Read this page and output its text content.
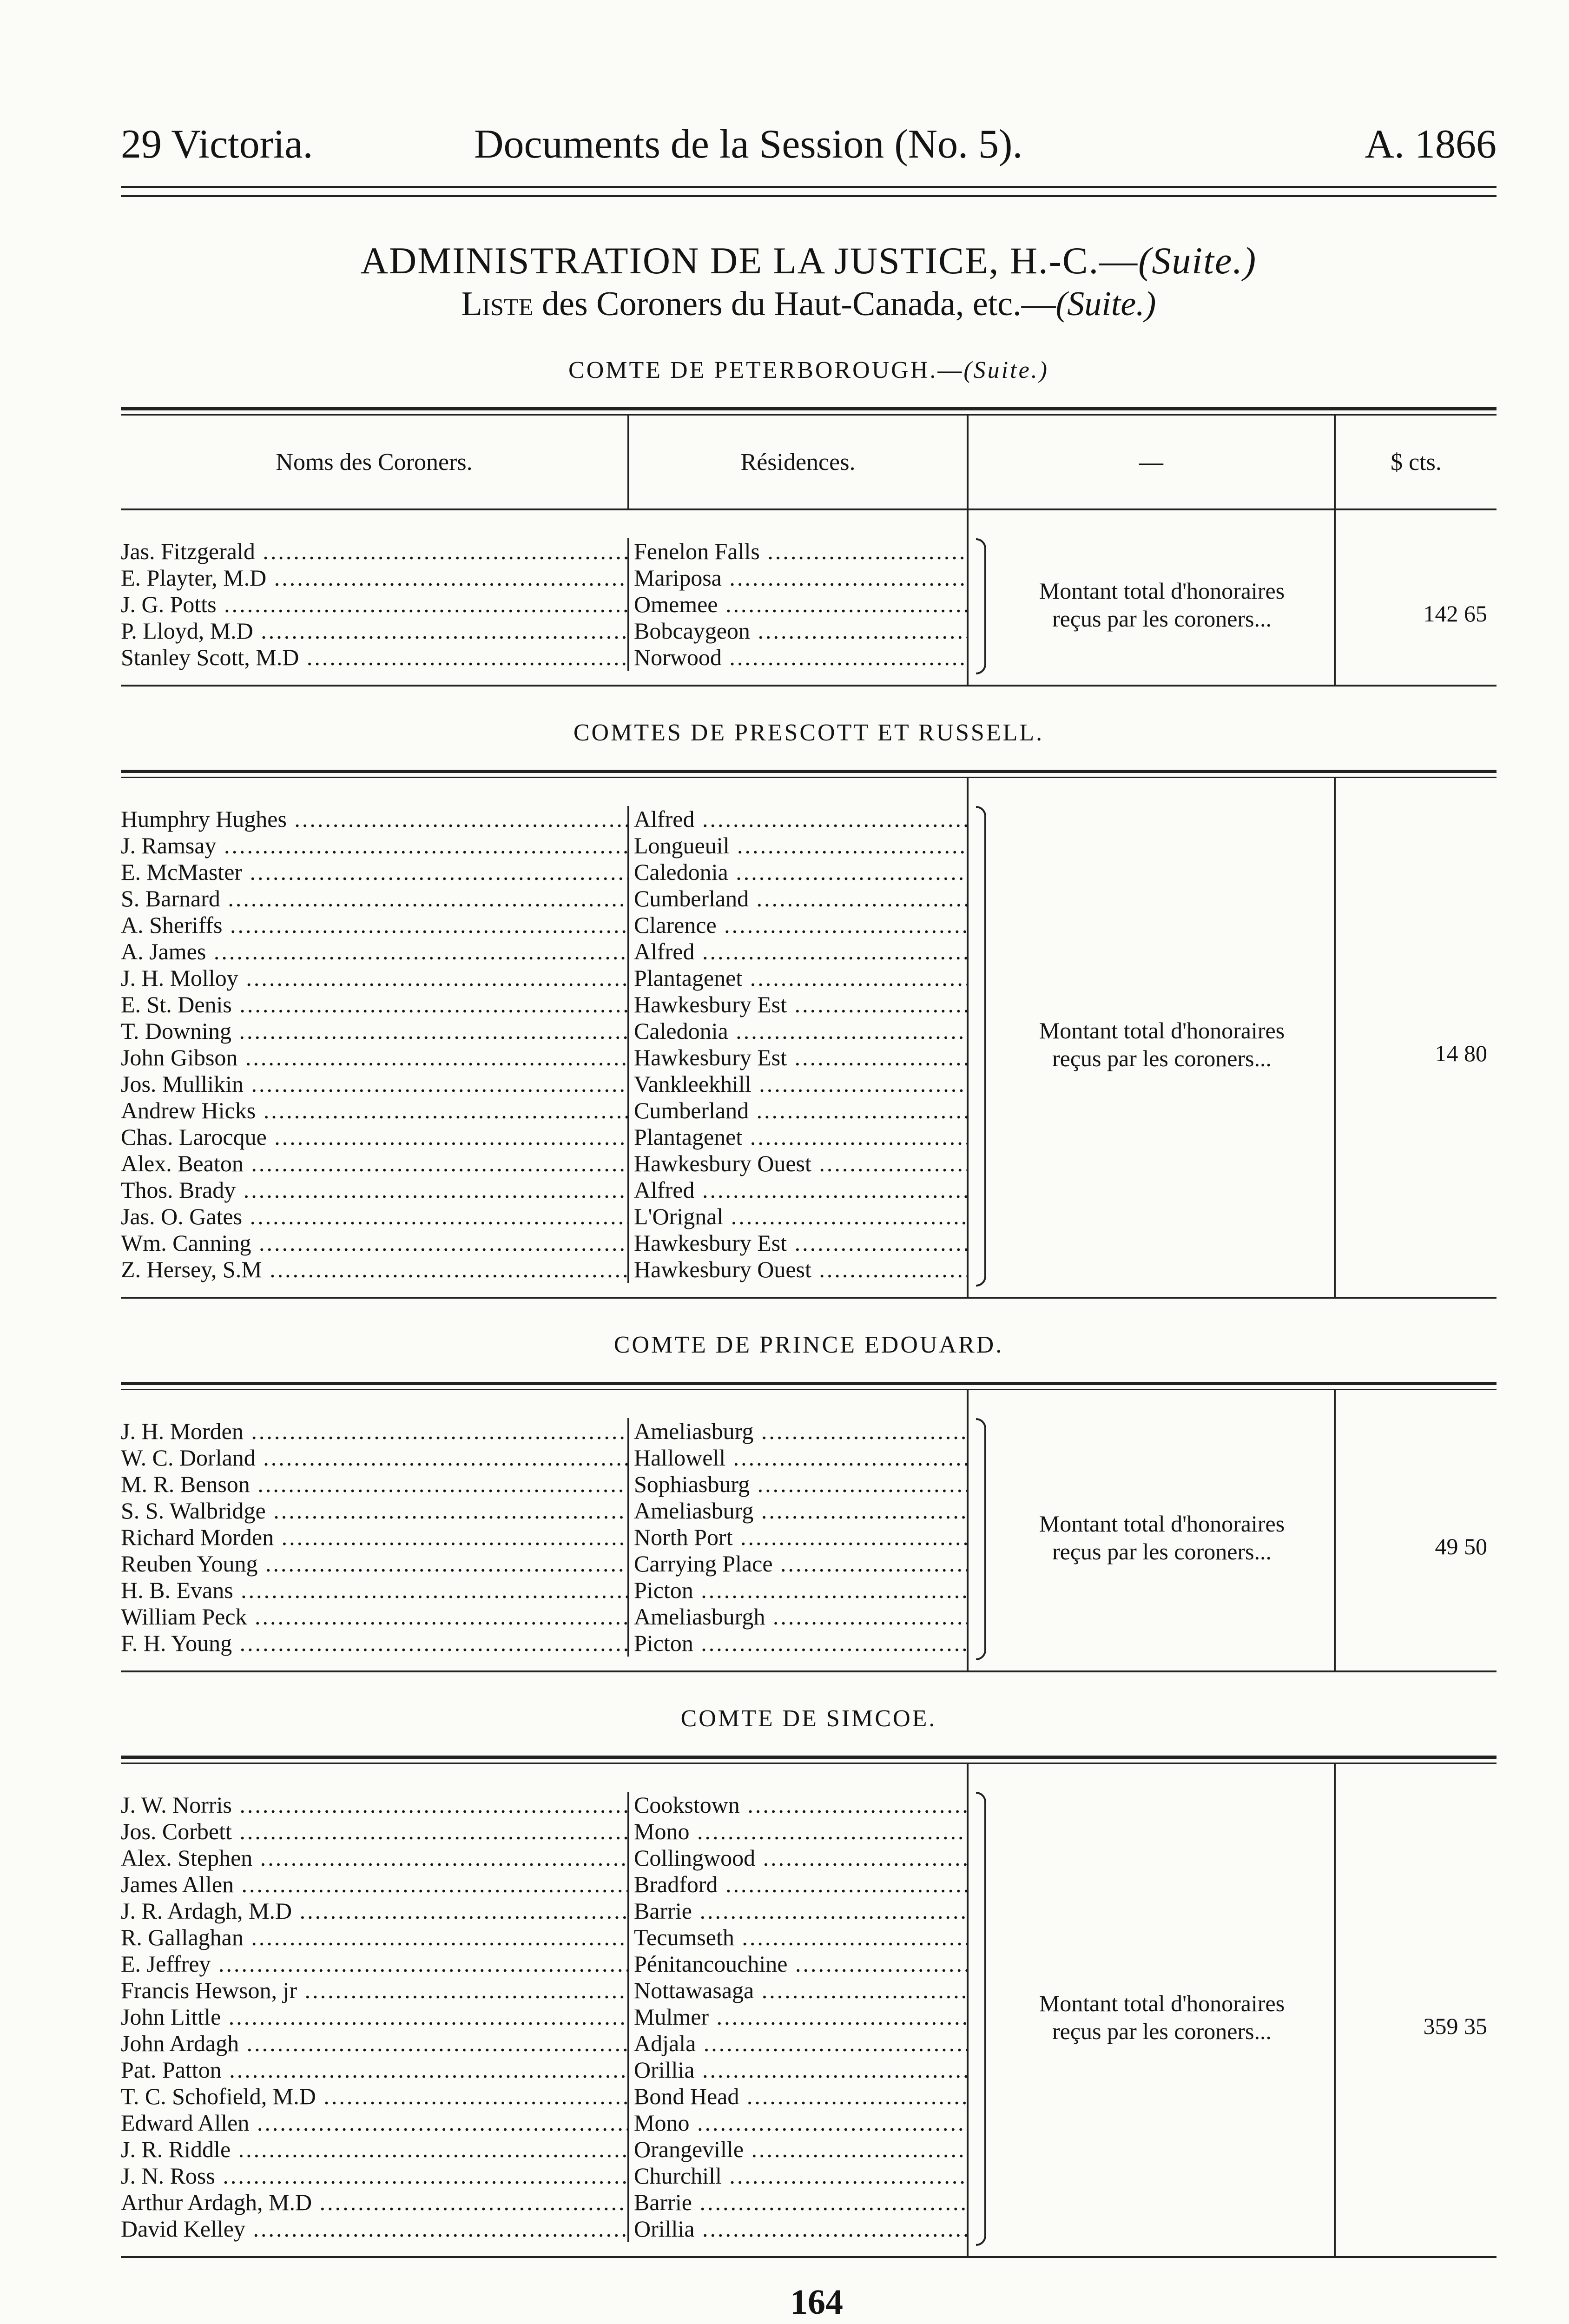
29 Victoria.	Documents de la Session (No. 5).	A. 1866
ADMINISTRATION DE LA JUSTICE, H.-C.—(Suite.)
Liste des Coroners du Haut-Canada, etc.—(Suite.)
COMTE DE PETERBOROUGH.—(Suite.)
Noms des Coroners.	Résidences.	—	$ cts.
Jas. Fitzgerald .....	Fenelon Falls .....
E. Playter, M.D .....	Mariposa .....
J. G. Potts .....	Omemee .....
P. Lloyd, M.D .....	Bobcaygeon .....
Stanley Scott, M.D .....	Norwood .....
Montant total d'honoraires
reçus par les coroners...	142 65
COMTES DE PRESCOTT ET RUSSELL.
Humphry Hughes .....	Alfred .....
J. Ramsay .....	Longueuil .....
E. McMaster .....	Caledonia .....
S. Barnard .....	Cumberland .....
A. Sheriffs .....	Clarence .....
A. James .....	Alfred .....
J. H. Molloy .....	Plantagenet .....
E. St. Denis .....	Hawkesbury Est .....
T. Downing .....	Caledonia .....
John Gibson .....	Hawkesbury Est .....
Jos. Mullikin .....	Vankleekhill .....
Andrew Hicks .....	Cumberland .....
Chas. Larocque .....	Plantagenet .....
Alex. Beaton .....	Hawkesbury Ouest .....
Thos. Brady .....	Alfred .....
Jas. O. Gates .....	L'Orignal .....
Wm. Canning .....	Hawkesbury Est .....
Z. Hersey, S.M .....	Hawkesbury Ouest .....
Montant total d'honoraires
reçus par les coroners...	14 80
COMTE DE PRINCE EDOUARD.
J. H. Morden .....	Ameliasburg .....
W. C. Dorland .....	Hallowell .....
M. R. Benson .....	Sophiasburg .....
S. S. Walbridge .....	Ameliasburg .....
Richard Morden .....	North Port .....
Reuben Young .....	Carrying Place .....
H. B. Evans .....	Picton .....
William Peck .....	Ameliasburgh .....
F. H. Young .....	Picton .....
Montant total d'honoraires
reçus par les coroners...	49 50
COMTE DE SIMCOE.
J. W. Norris .....	Cookstown .....
Jos. Corbett .....	Mono .....
Alex. Stephen .....	Collingwood .....
James Allen .....	Bradford .....
J. R. Ardagh, M.D .....	Barrie .....
R. Gallaghan .....	Tecumseth .....
E. Jeffrey .....	Pénitancouchine .....
Francis Hewson, jr .....	Nottawasaga .....
John Little .....	Mulmer .....
John Ardagh .....	Adjala .....
Pat. Patton .....	Orillia .....
T. C. Schofield, M.D .....	Bond Head .....
Edward Allen .....	Mono .....
J. R. Riddle .....	Orangeville .....
J. N. Ross .....	Churchill .....
Arthur Ardagh, M.D .....	Barrie .....
David Kelley .....	Orillia .....
Montant total d'honoraires
reçus par les coroners...	359 35
164
